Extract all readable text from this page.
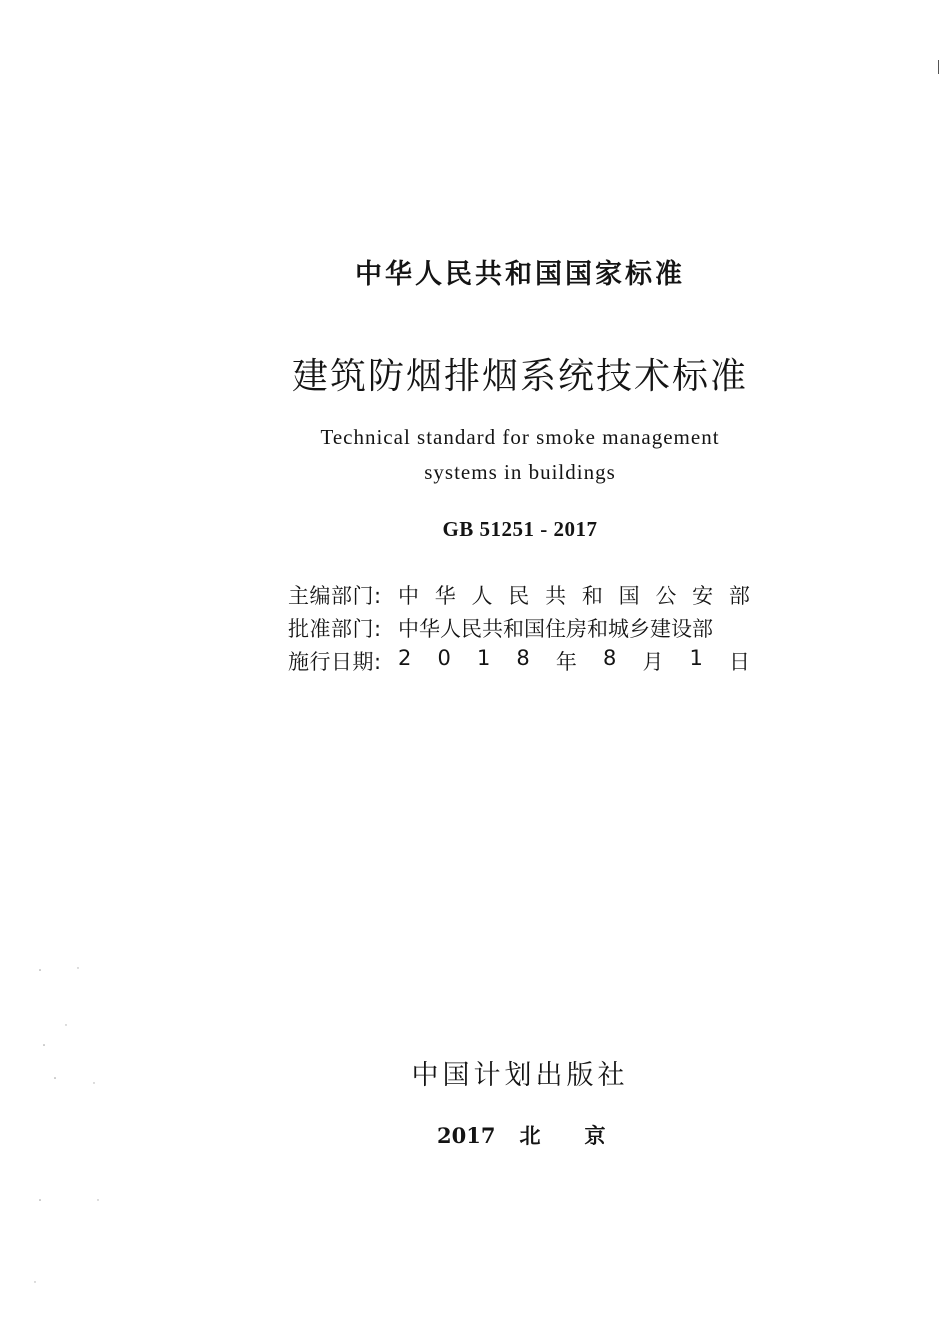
中华人民共和国国家标准
建筑防烟排烟系统技术标准
Technical standard for smoke management
systems in buildings
GB 51251 - 2017
主编部门: 中 华 人 民 共 和 国 公 安 部
批准部门: 中华人民共和国住房和城乡建设部
施行日期: 2 0 1 8 年 8 月 1 日
中国计划出版社
2017 北 京
